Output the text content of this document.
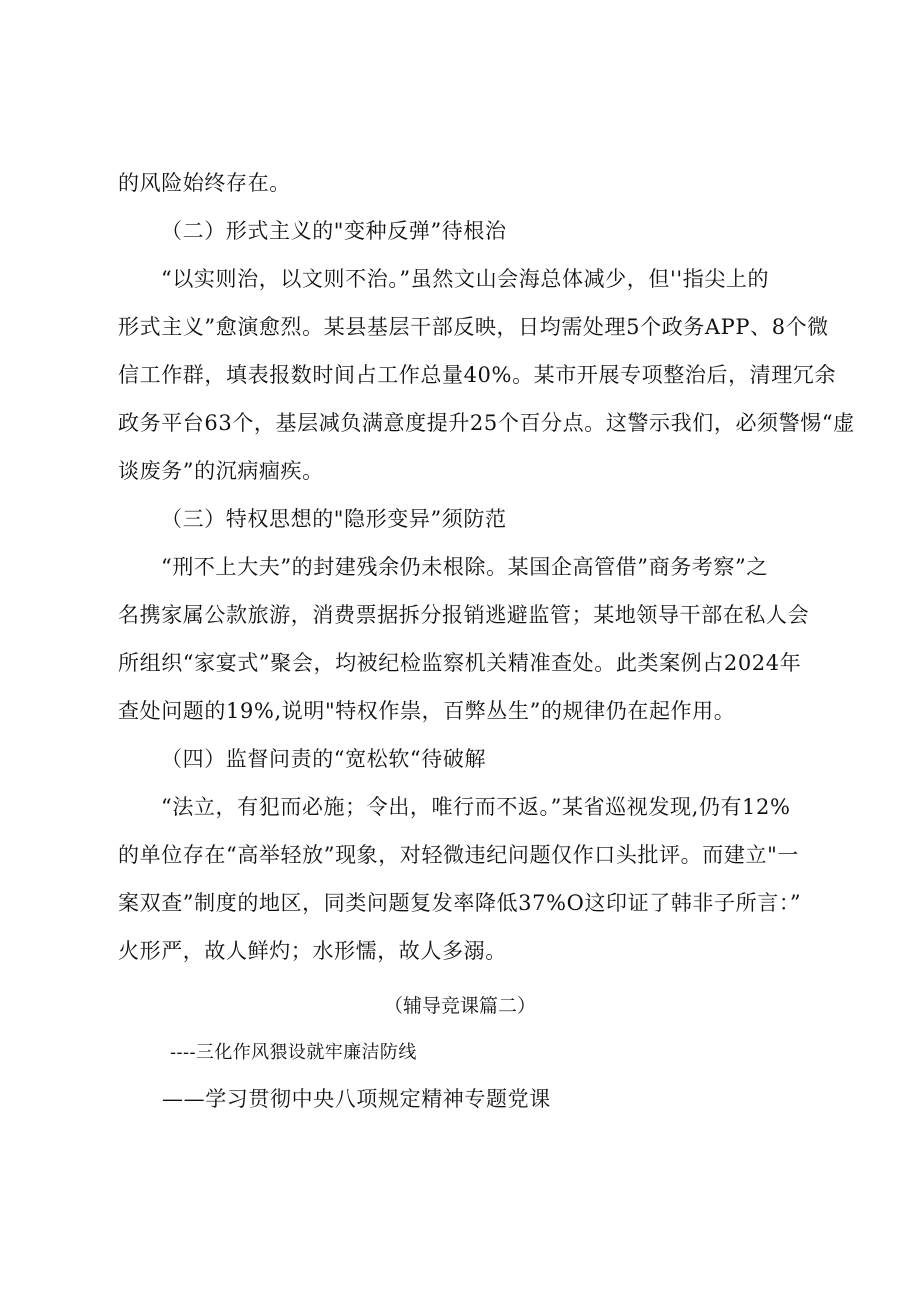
的风险始终存在。
（二）形式主义的"变种反弹”待根治
“以实则治，以文则不治。”虽然文山会海总体减少，但''指尖上的
形式主义”愈演愈烈。某县基层干部反映，日均需处理5个政务APP、8个微
信工作群，填表报数时间占工作总量40%。某市开展专项整治后，清理冗余
政务平台63个，基层减负满意度提升25个百分点。这警示我们，必须警惕“虚
谈废务”的沉病痼疾。
（三）特权思想的"隐形变异”须防范
“刑不上大夫”的封建残余仍未根除。某国企高管借”商务考察”之
名携家属公款旅游，消费票据拆分报销逃避监管；某地领导干部在私人会
所组织“家宴式”聚会，均被纪检监察机关精准查处。此类案例占2024年
查处问题的19%,说明"特权作祟，百弊丛生”的规律仍在起作用。
（四）监督问责的“宽松软“待破解
“法立，有犯而必施；令出，唯行而不返。”某省巡视发现,仍有12%
的单位存在“高举轻放”现象，对轻微违纪问题仅作口头批评。而建立"一
案双查”制度的地区，同类问题复发率降低37%O这印证了韩非子所言：”
火形严，故人鲜灼；水形懦，故人多溺。
（辅导竞课篇二）
----三化作风猥设就牢廉洁防线
——学习贯彻中央八项规定精神专题党课
